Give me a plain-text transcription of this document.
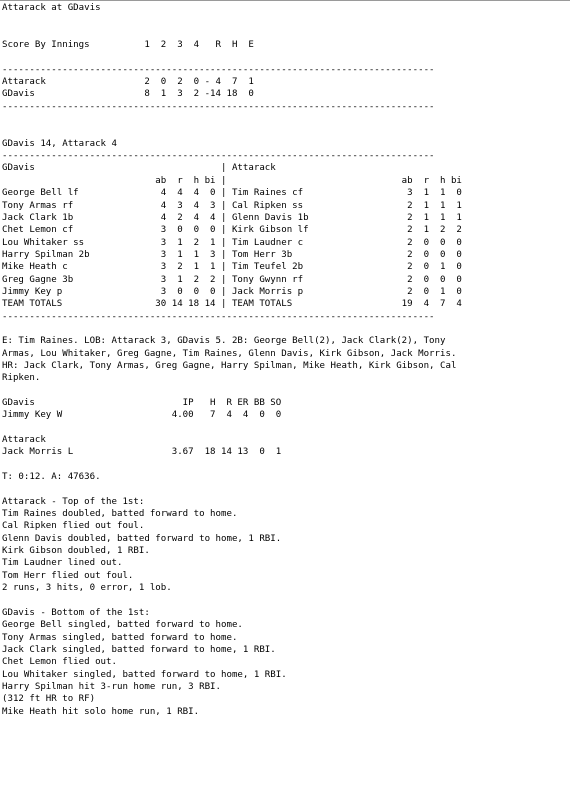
Attarack at GDavis
Score By Innings          1  2  3  4   R  H  E
-------------------------------------------------------------------------------
Attarack                  2  0  2  0 - 4  7  1
GDavis                    8  1  3  2 -14 18  0
-------------------------------------------------------------------------------
GDavis 14, Attarack 4
-------------------------------------------------------------------------------
GDavis                                  | Attarack
ab  r  h bi |                                ab  r  h bi
George Bell lf               4  4  4  0 | Tim Raines cf                   3  1  1  0
Tony Armas rf                4  3  4  3 | Cal Ripken ss                   2  1  1  1
Jack Clark 1b                4  2  4  4 | Glenn Davis 1b                  2  1  1  1
Chet Lemon cf                3  0  0  0 | Kirk Gibson lf                  2  1  2  2
Lou Whitaker ss              3  1  2  1 | Tim Laudner c                   2  0  0  0
Harry Spilman 2b             3  1  1  3 | Tom Herr 3b                     2  0  0  0
Mike Heath c                 3  2  1  1 | Tim Teufel 2b                   2  0  1  0
Greg Gagne 3b                3  1  2  2 | Tony Gwynn rf                   2  0  0  0
Jimmy Key p                  3  0  0  0 | Jack Morris p                   2  0  1  0
TEAM TOTALS                 30 14 18 14 | TEAM TOTALS                    19  4  7  4
-------------------------------------------------------------------------------
E: Tim Raines. LOB: Attarack 3, GDavis 5. 2B: George Bell(2), Jack Clark(2), Tony
Armas, Lou Whitaker, Greg Gagne, Tim Raines, Glenn Davis, Kirk Gibson, Jack Morris.
HR: Jack Clark, Tony Armas, Greg Gagne, Harry Spilman, Mike Heath, Kirk Gibson, Cal
Ripken.
GDavis                           IP   H  R ER BB SO
Jimmy Key W                    4.00   7  4  4  0  0
Attarack
Jack Morris L                  3.67  18 14 13  0  1
T: 0:12. A: 47636.
Attarack - Top of the 1st:
Tim Raines doubled, batted forward to home.
Cal Ripken flied out foul.
Glenn Davis doubled, batted forward to home, 1 RBI.
Kirk Gibson doubled, 1 RBI.
Tim Laudner lined out.
Tom Herr flied out foul.
2 runs, 3 hits, 0 error, 1 lob.
GDavis - Bottom of the 1st:
George Bell singled, batted forward to home.
Tony Armas singled, batted forward to home.
Jack Clark singled, batted forward to home, 1 RBI.
Chet Lemon flied out.
Lou Whitaker singled, batted forward to home, 1 RBI.
Harry Spilman hit 3-run home run, 3 RBI.
(312 ft HR to RF)
Mike Heath hit solo home run, 1 RBI.
